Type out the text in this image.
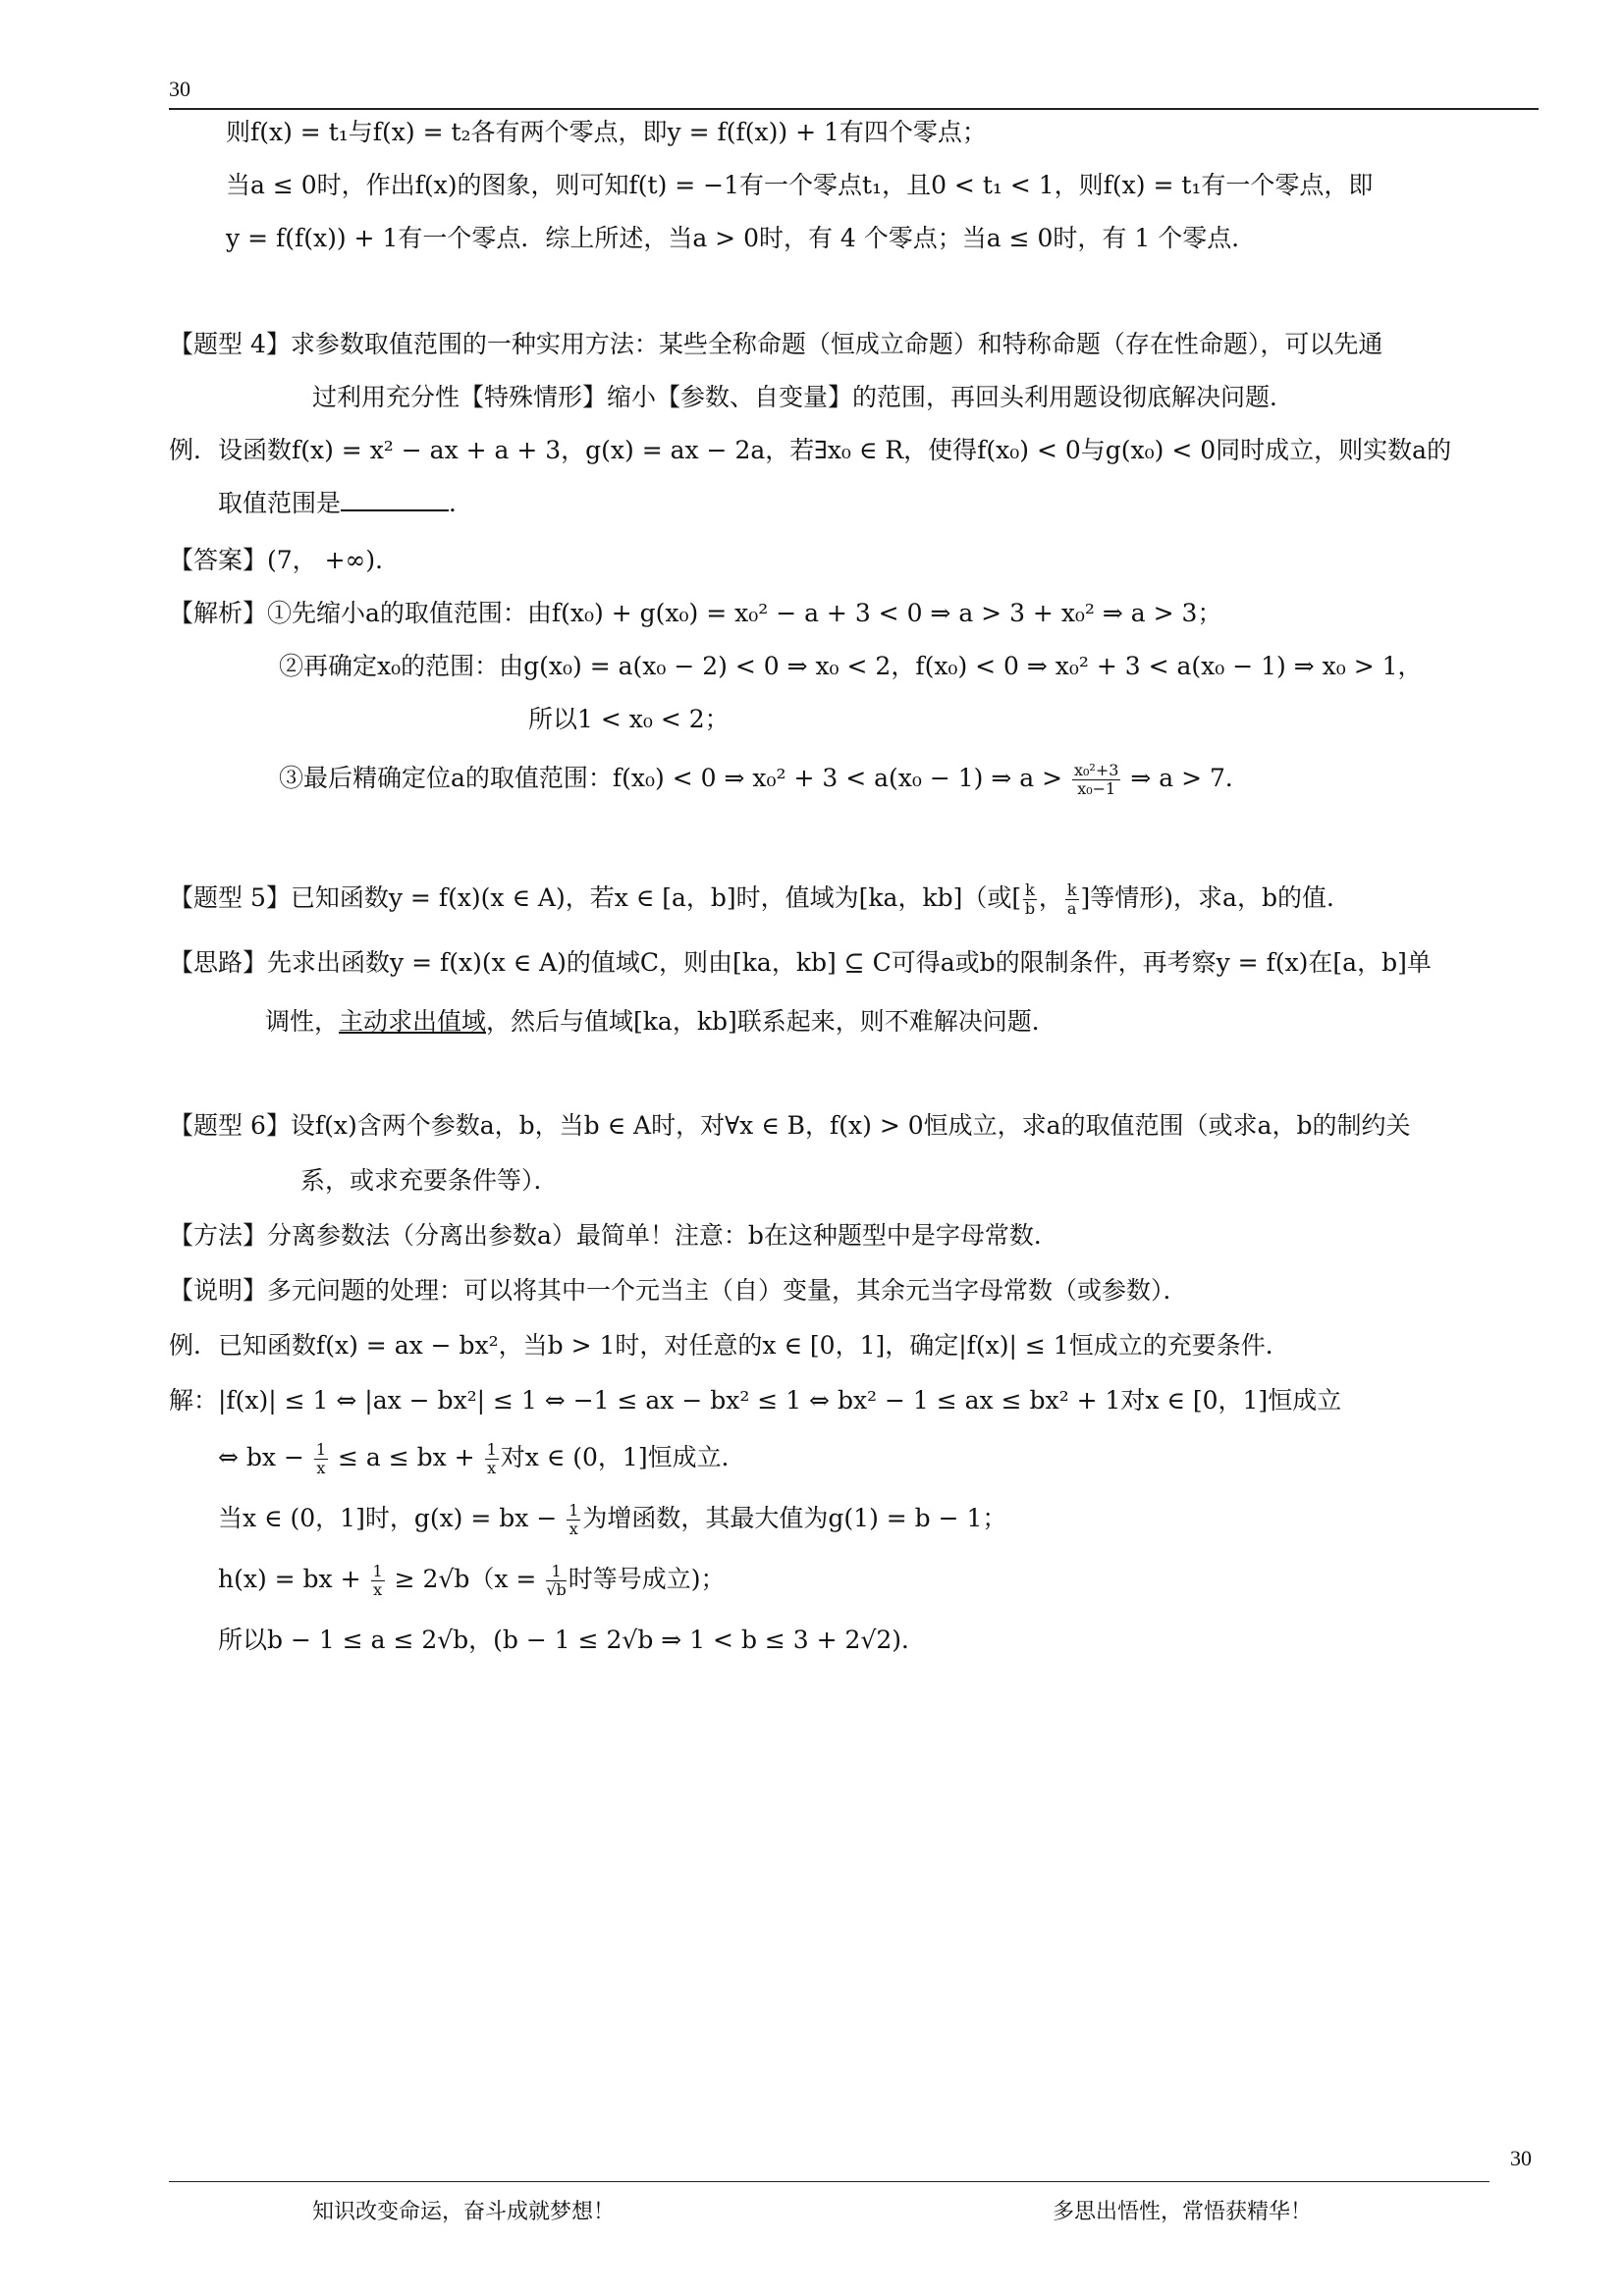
30
则f(x) = t₁与f(x) = t₂各有两个零点，即y = f(f(x)) + 1有四个零点；
当a ≤ 0时，作出f(x)的图象，则可知f(t) = −1有一个零点t₁，且0 < t₁ < 1，则f(x) = t₁有一个零点，即
y = f(f(x)) + 1有一个零点．综上所述，当a > 0时，有 4 个零点；当a ≤ 0时，有 1 个零点．
【题型 4】求参数取值范围的一种实用方法：某些全称命题（恒成立命题）和特称命题（存在性命题），可以先通
过利用充分性【特殊情形】缩小【参数、自变量】的范围，再回头利用题设彻底解决问题．
例．设函数f(x) = x² − ax + a + 3，g(x) = ax − 2a，若∃x₀ ∈ R，使得f(x₀) < 0与g(x₀) < 0同时成立，则实数a的
取值范围是	．
【答案】(7， +∞)．
【解析】①先缩小a的取值范围：由f(x₀) + g(x₀) = x₀² − a + 3 < 0 ⇒ a > 3 + x₀² ⇒ a > 3；
②再确定x₀的范围：由g(x₀) = a(x₀ − 2) < 0 ⇒ x₀ < 2，f(x₀) < 0 ⇒ x₀² + 3 < a(x₀ − 1) ⇒ x₀ > 1，
所以1 < x₀ < 2；
③最后精确定位a的取值范围：f(x₀) < 0 ⇒ x₀² + 3 < a(x₀ − 1) ⇒ $a > \frac{\text{x₀²+3}}{\text{x₀−1}}$ ⇒ a > 7．
【题型 5】已知函数y = f(x)(x ∈ A)，若x ∈ [a，b]时，值域为[ka，kb]（或[ $\frac{k}{b}$ ， $\frac{k}{a}$ ]等情形)，求a，b的值．
【思路】先求出函数y = f(x)(x ∈ A)的值域C，则由[ka，kb] ⊆ C可得a或b的限制条件，再考察y = f(x)在[a，b]单
调性，主动求出值域，然后与值域[ka，kb]联系起来，则不难解决问题．
【题型 6】设f(x)含两个参数a，b，当b ∈ A时，对∀x ∈ B，f(x) > 0恒成立，求a的取值范围（或求a，b的制约关
系，或求充要条件等）．
【方法】分离参数法（分离出参数a）最简单！注意：b在这种题型中是字母常数．
【说明】多元问题的处理：可以将其中一个元当主（自）变量，其余元当字母常数（或参数）．
例．已知函数f(x) = ax − bx²，当b > 1时，对任意的x ∈ [0，1]，确定|f(x)| ≤ 1恒成立的充要条件．
解：|f(x)| ≤ 1 ⇔ |ax − bx²| ≤ 1 ⇔ −1 ≤ ax − bx² ≤ 1 ⇔ bx² − 1 ≤ ax ≤ bx² + 1对x ∈ [0，1]恒成立
⇔ bx − $\frac{1}{x} \le a$ ≤ bx + $\frac{1}{x}$ 对x ∈ (0，1]恒成立．
当x ∈ (0，1]时，g(x) = bx − $\frac{1}{x}$ 为增函数，其最大值为g(1) = b − 1；
h(x) = bx + $\frac{1}{x} \ge 2√b(x = \frac{1}{√b}$ 时等号成立)；
所以b − 1 ≤ a ≤ 2√b，(b − 1 ≤ 2√b ⇒ 1 < b ≤ 3 + 2√2)．
30
知识改变命运，奋斗成就梦想！	多思出悟性，常悟获精华！
